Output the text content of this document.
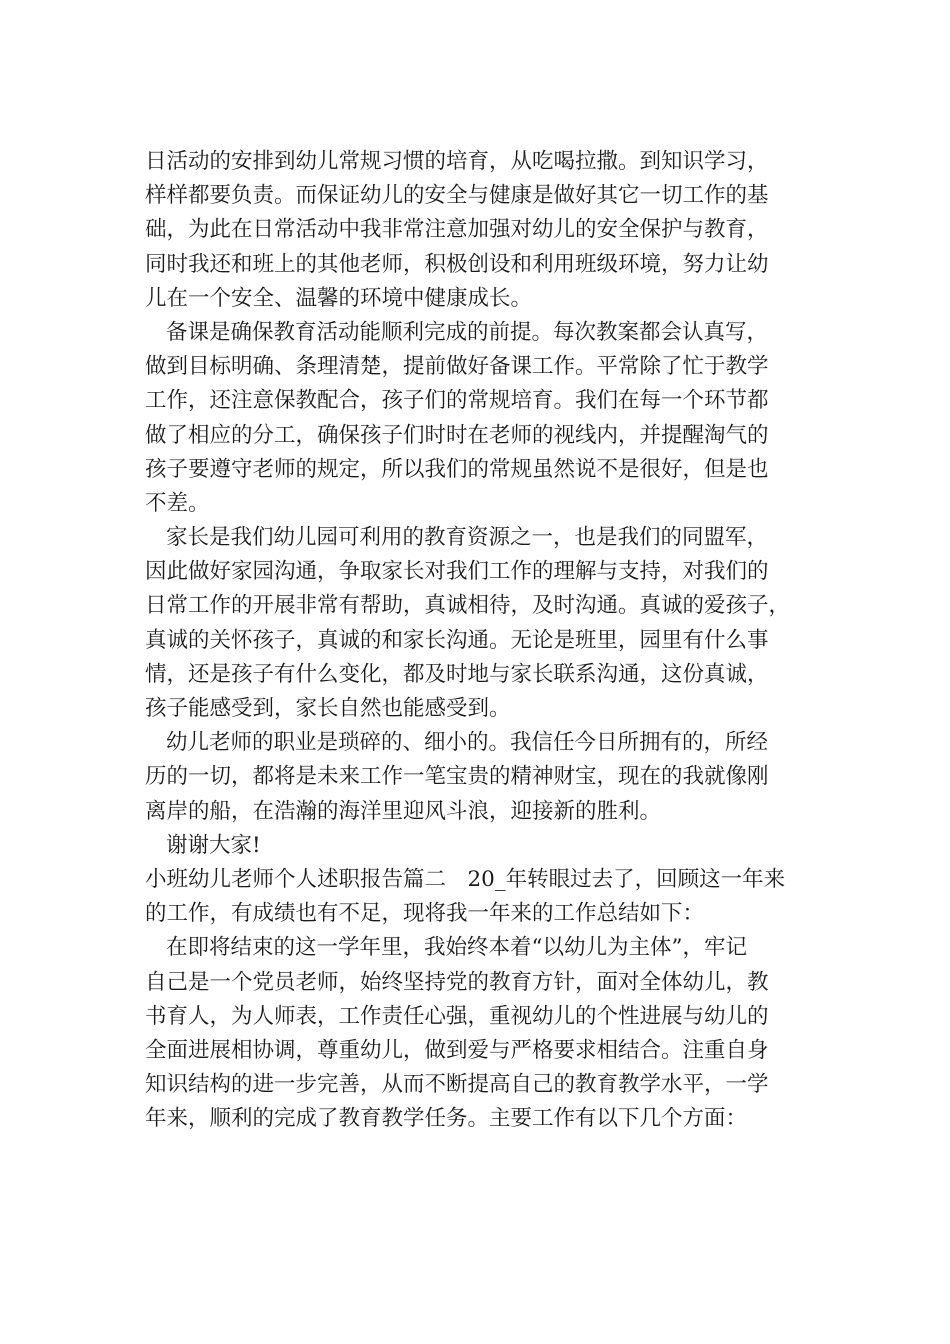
日活动的安排到幼儿常规习惯的培育，从吃喝拉撒。到知识学习，
样样都要负责。而保证幼儿的安全与健康是做好其它一切工作的基
础，为此在日常活动中我非常注意加强对幼儿的安全保护与教育，
同时我还和班上的其他老师，积极创设和利用班级环境，努力让幼
儿在一个安全、温馨的环境中健康成长。
备课是确保教育活动能顺利完成的前提。每次教案都会认真写，
做到目标明确、条理清楚，提前做好备课工作。平常除了忙于教学
工作，还注意保教配合，孩子们的常规培育。我们在每一个环节都
做了相应的分工，确保孩子们时时在老师的视线内，并提醒淘气的
孩子要遵守老师的规定，所以我们的常规虽然说不是很好，但是也
不差。
家长是我们幼儿园可利用的教育资源之一，也是我们的同盟军，
因此做好家园沟通，争取家长对我们工作的理解与支持，对我们的
日常工作的开展非常有帮助，真诚相待，及时沟通。真诚的爱孩子，
真诚的关怀孩子，真诚的和家长沟通。无论是班里，园里有什么事
情，还是孩子有什么变化，都及时地与家长联系沟通，这份真诚，
孩子能感受到，家长自然也能感受到。
幼儿老师的职业是琐碎的、细小的。我信任今日所拥有的，所经
历的一切，都将是未来工作一笔宝贵的精神财宝，现在的我就像刚
离岸的船，在浩瀚的海洋里迎风斗浪，迎接新的胜利。
谢谢大家!
小班幼儿老师个人述职报告篇二　20_年转眼过去了，回顾这一年来
的工作，有成绩也有不足，现将我一年来的工作总结如下：
在即将结束的这一学年里，我始终本着“以幼儿为主体”，牢记
自己是一个党员老师，始终坚持党的教育方针，面对全体幼儿，教
书育人，为人师表，工作责任心强，重视幼儿的个性进展与幼儿的
全面进展相协调，尊重幼儿，做到爱与严格要求相结合。注重自身
知识结构的进一步完善，从而不断提高自己的教育教学水平，一学
年来，顺利的完成了教育教学任务。主要工作有以下几个方面：
